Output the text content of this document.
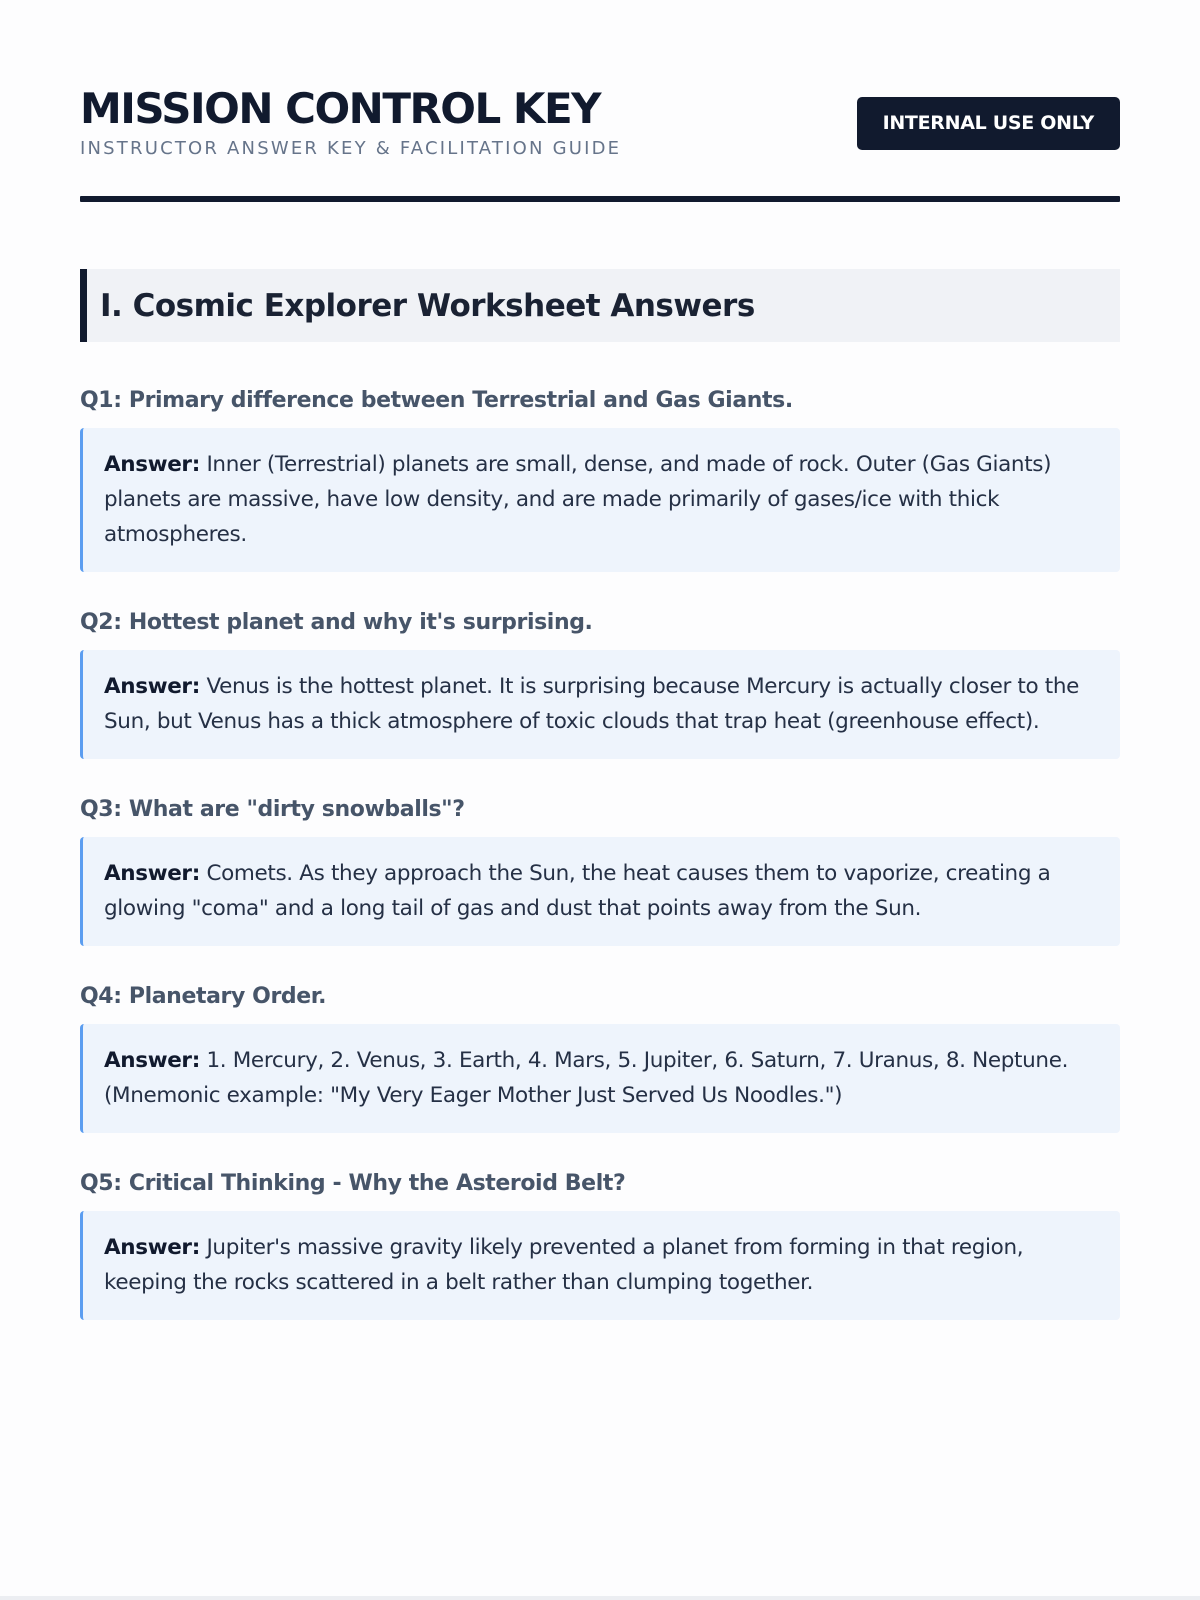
MISSION CONTROL KEY
INSTRUCTOR ANSWER KEY & FACILITATION GUIDE
INTERNAL USE ONLY
I. Cosmic Explorer Worksheet Answers
Q1: Primary difference between Terrestrial and Gas Giants.
Answer: Inner (Terrestrial) planets are small, dense, and made of rock. Outer (Gas Giants) planets are massive, have low density, and are made primarily of gases/ice with thick atmospheres.
Q2: Hottest planet and why it's surprising.
Answer: Venus is the hottest planet. It is surprising because Mercury is actually closer to the Sun, but Venus has a thick atmosphere of toxic clouds that trap heat (greenhouse effect).
Q3: What are "dirty snowballs"?
Answer: Comets. As they approach the Sun, the heat causes them to vaporize, creating a glowing "coma" and a long tail of gas and dust that points away from the Sun.
Q4: Planetary Order.
Answer: 1. Mercury, 2. Venus, 3. Earth, 4. Mars, 5. Jupiter, 6. Saturn, 7. Uranus, 8. Neptune. (Mnemonic example: "My Very Eager Mother Just Served Us Noodles.")
Q5: Critical Thinking - Why the Asteroid Belt?
Answer: Jupiter's massive gravity likely prevented a planet from forming in that region, keeping the rocks scattered in a belt rather than clumping together.
